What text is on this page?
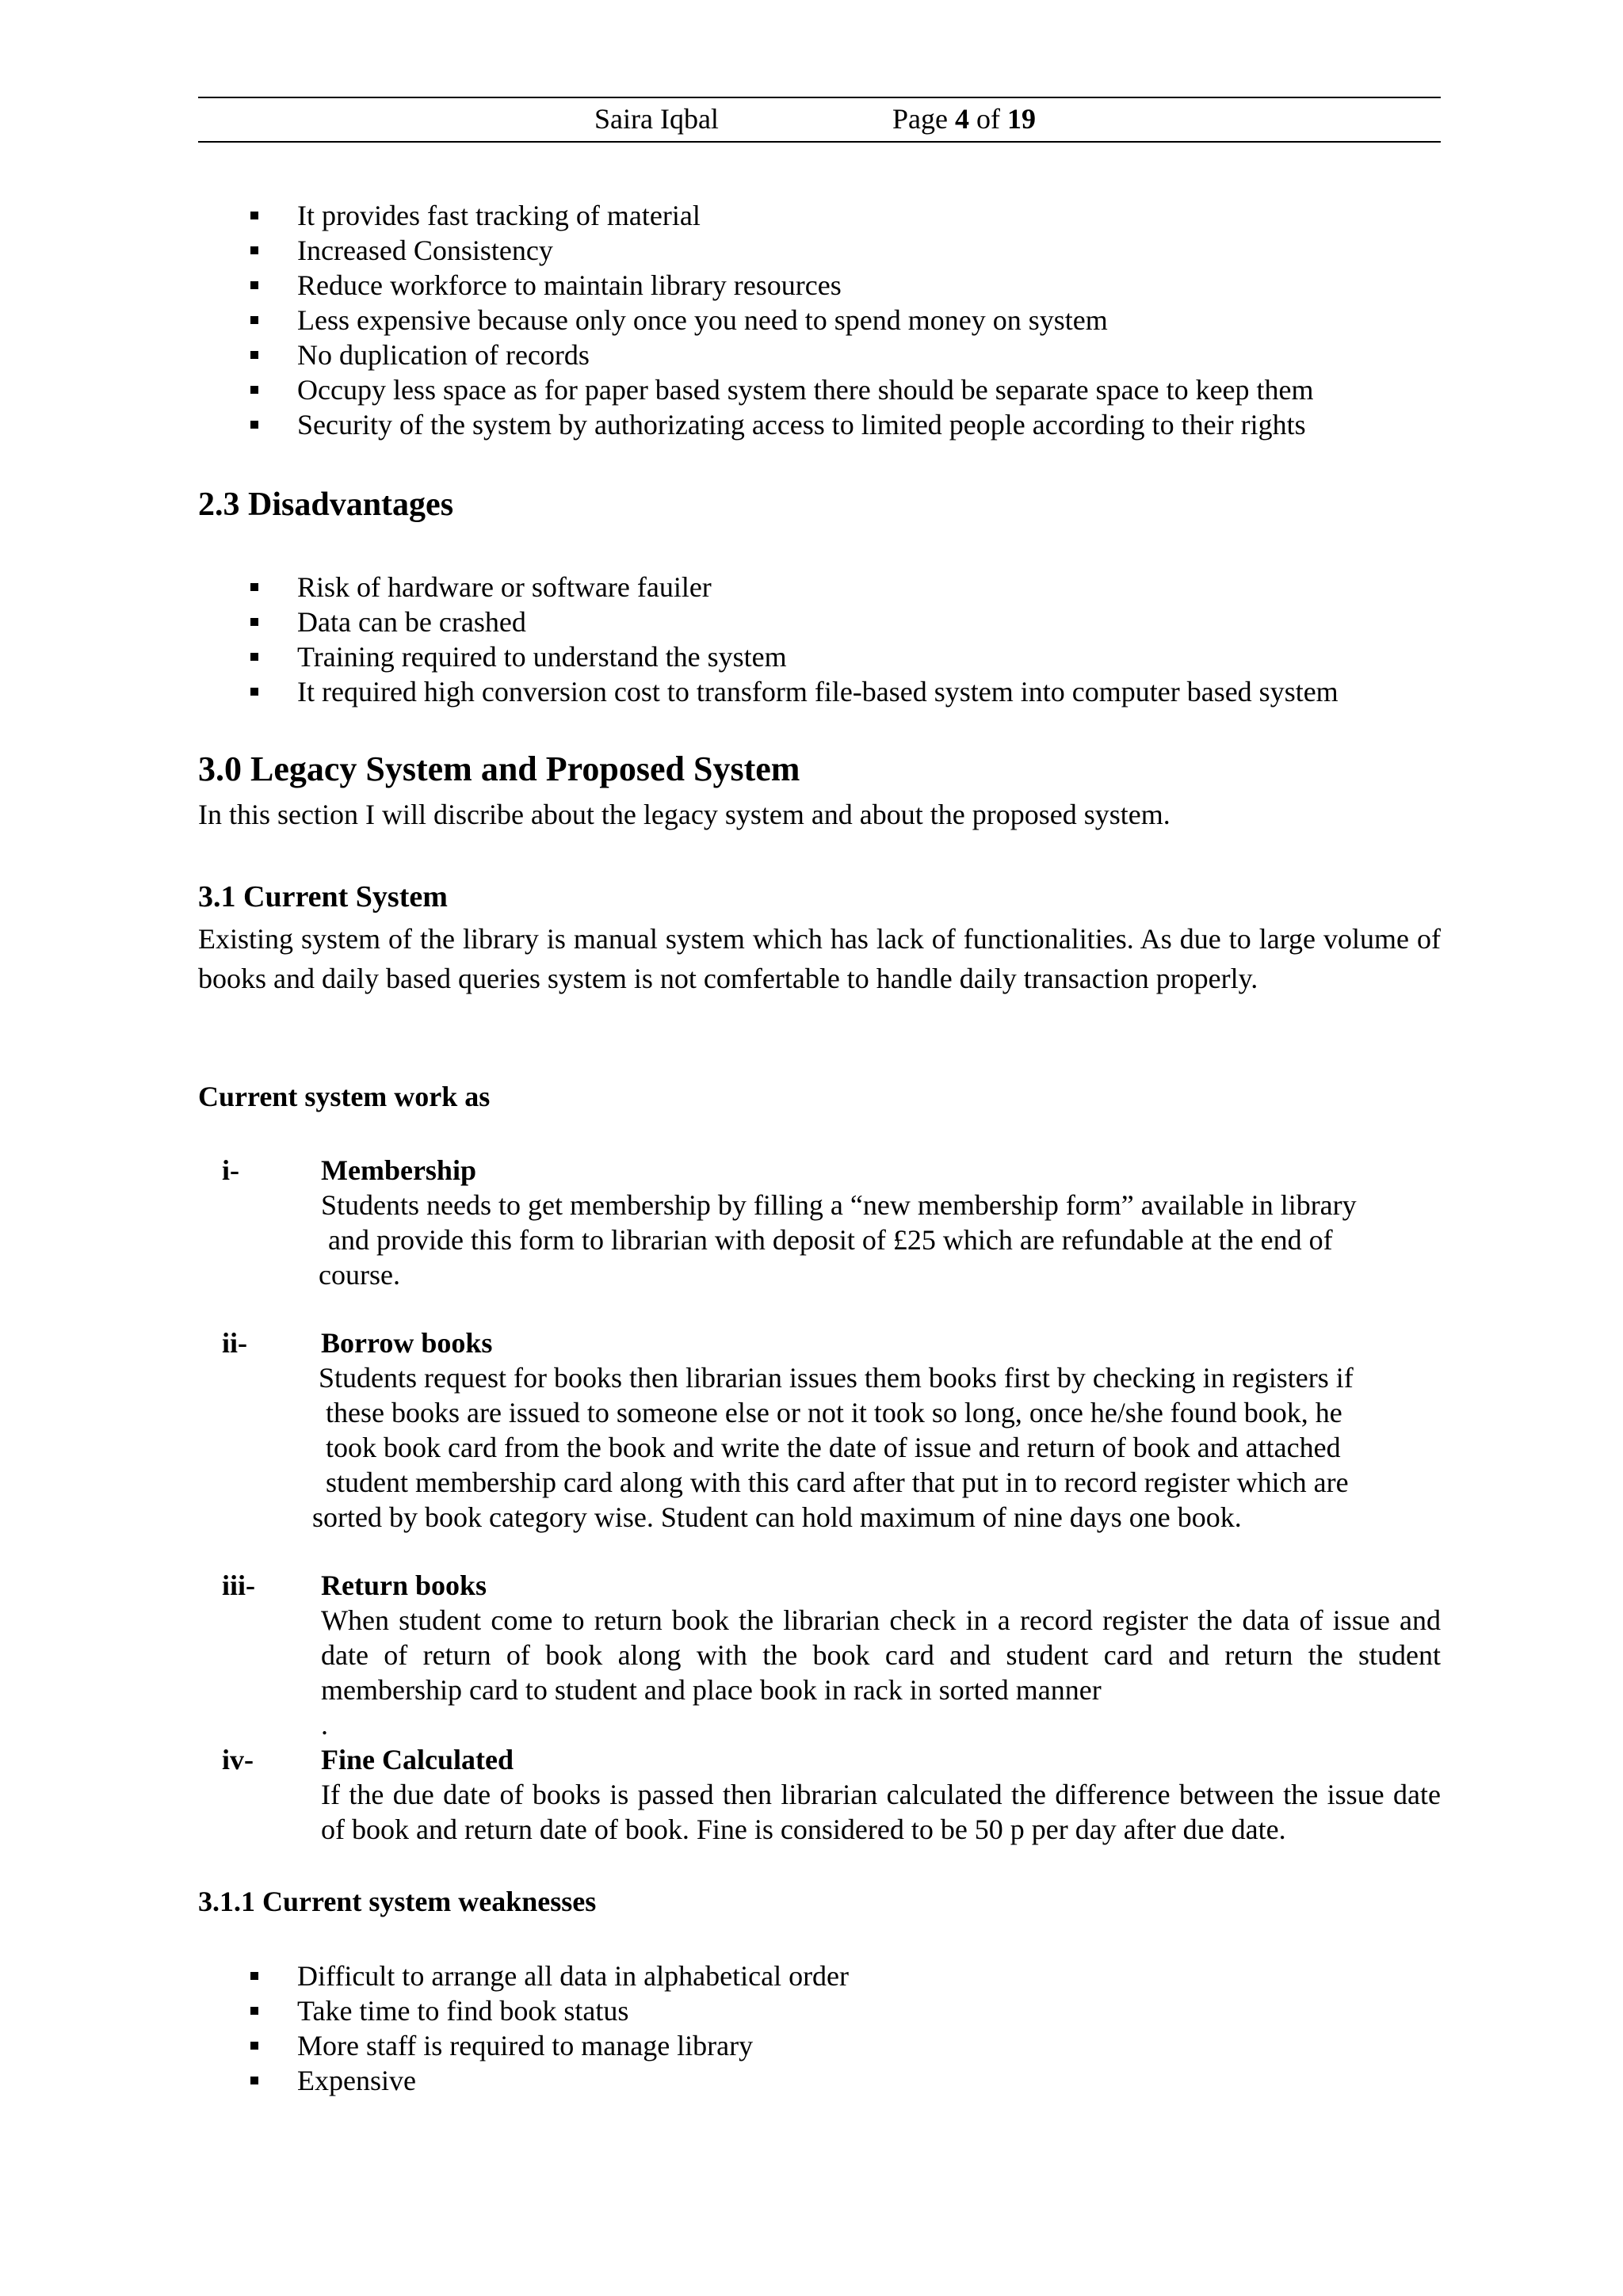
Saira Iqbal	Page 4 of 19
It provides fast tracking of material
Increased Consistency
Reduce workforce to maintain library resources
Less expensive because only once you need to spend money on system
No duplication of records
Occupy less space as for paper based system there should be separate space to keep them
Security of the system by authorizating access to limited people according to their rights
2.3 Disadvantages
Risk of hardware or software fauiler
Data can be crashed
Training required to understand the system
It required high conversion cost to transform file-based system into computer based system
3.0 Legacy System and Proposed System
In this section I will discribe about the legacy system and about the proposed system.
3.1 Current System
Existing system of the library is manual system which has lack of functionalities. As due to large volume of books and daily based queries system is not comfertable to handle daily transaction properly.
Current system work as
i-	Membership
Students needs to get membership by filling a “new membership form” available in library
and provide this form to librarian with deposit of £25 which are refundable at the end of
course.
ii-	Borrow books
Students request for books then librarian issues them books first by checking in registers if
these books are issued to someone else or not it took so long, once he/she found book, he
took book card from the book and write the date of issue and return of book and attached
student membership card along with this card after that put in to record register which are
sorted by book category wise. Student can hold maximum of nine days one book.
iii- Return books
When student come to return book the librarian check in a record register the data of issue and date of return of book along with the book card and student card and return the student membership card to student and place book in rack in sorted manner
.
iv- Fine Calculated
If the due date of books is passed then librarian calculated the difference between the issue date of book and return date of book. Fine is considered to be 50 p per day after due date.
3.1.1 Current system weaknesses
Difficult to arrange all data in alphabetical order
Take time to find book status
More staff is required to manage library
Expensive
